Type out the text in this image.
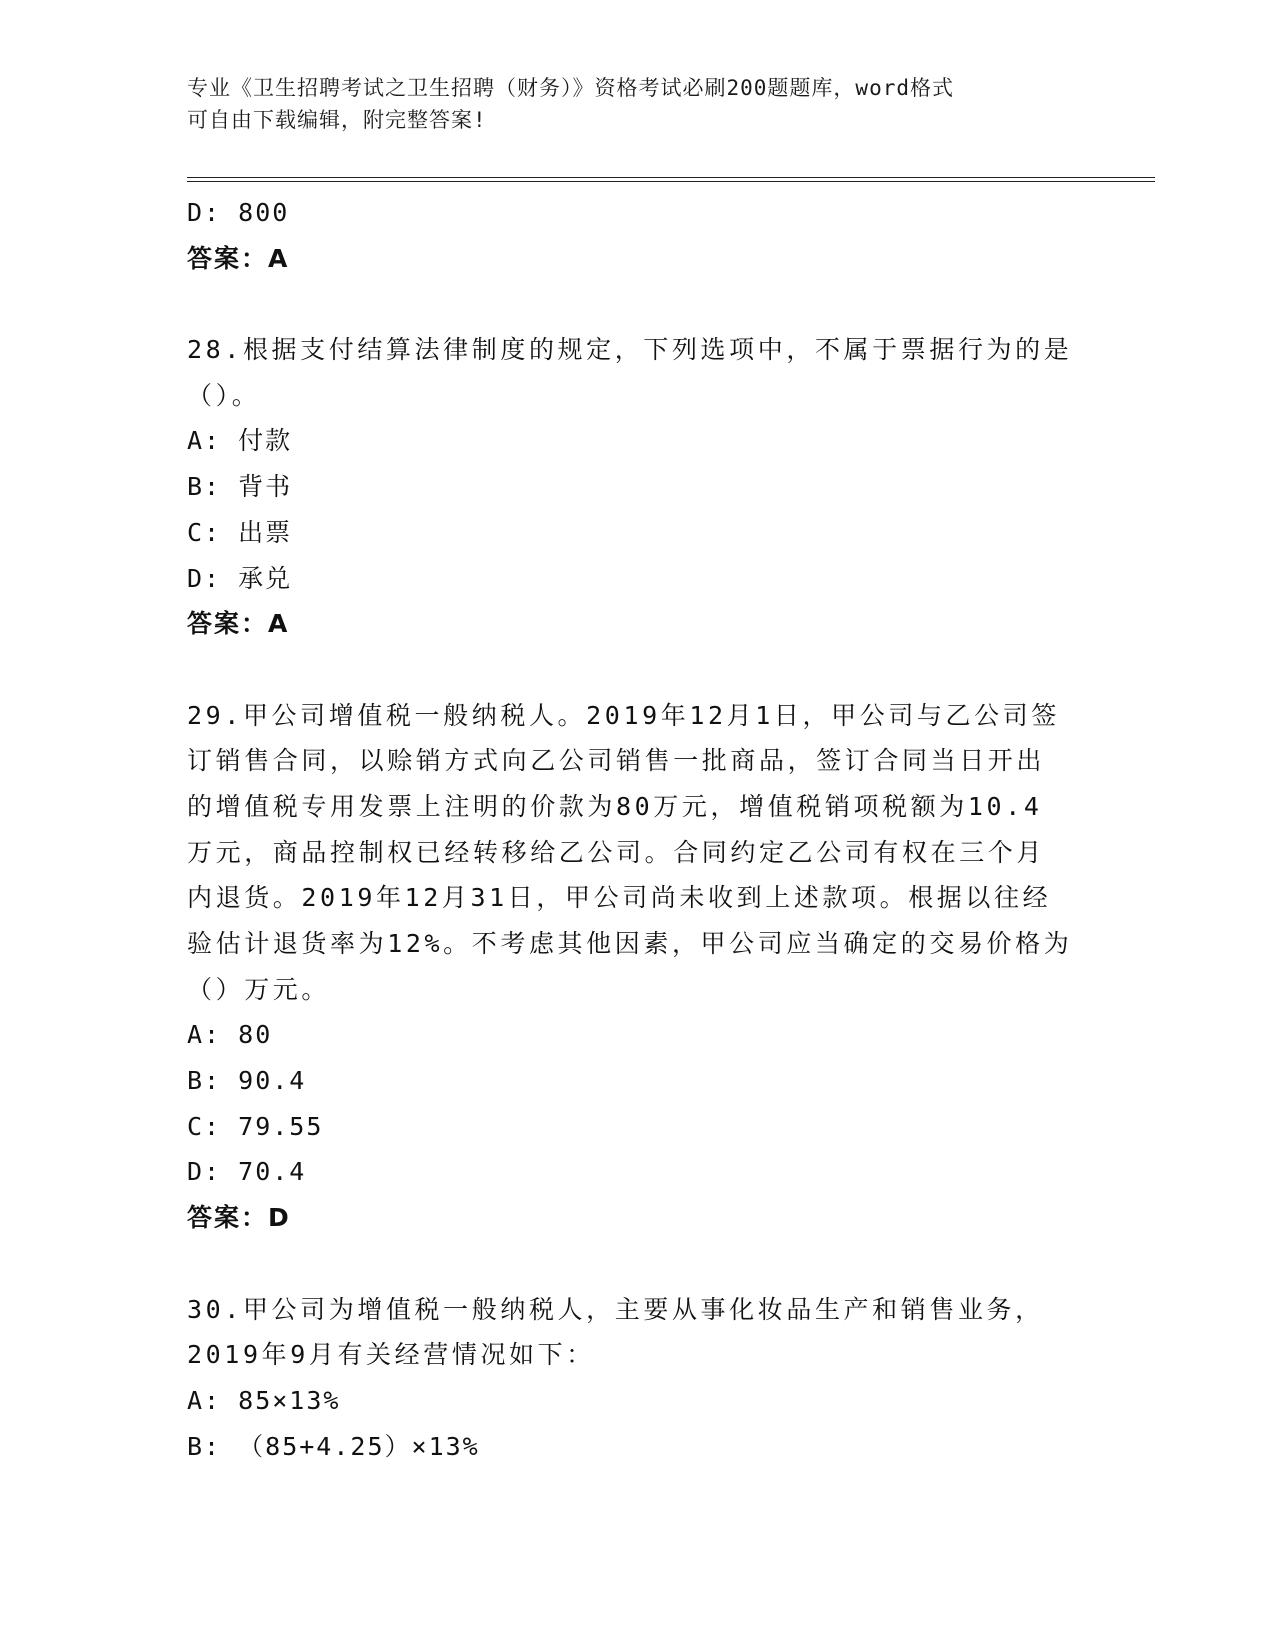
专业《卫生招聘考试之卫生招聘（财务）》资格考试必刷200题题库，word格式
可自由下载编辑，附完整答案!
D: 800
答案：A
28.根据支付结算法律制度的规定，下列选项中，不属于票据行为的是
（）。
A: 付款
B: 背书
C: 出票
D: 承兑
答案：A
29.甲公司增值税一般纳税人。2019年12月1日，甲公司与乙公司签
订销售合同，以赊销方式向乙公司销售一批商品，签订合同当日开出
的增值税专用发票上注明的价款为80万元，增值税销项税额为10.4
万元，商品控制权已经转移给乙公司。合同约定乙公司有权在三个月
内退货。2019年12月31日，甲公司尚未收到上述款项。根据以往经
验估计退货率为12%。不考虑其他因素，甲公司应当确定的交易价格为
（）万元。
A: 80
B: 90.4
C: 79.55
D: 70.4
答案：D
30.甲公司为增值税一般纳税人，主要从事化妆品生产和销售业务，
2019年9月有关经营情况如下：
A: 85×13%
B: （85+4.25）×13%
